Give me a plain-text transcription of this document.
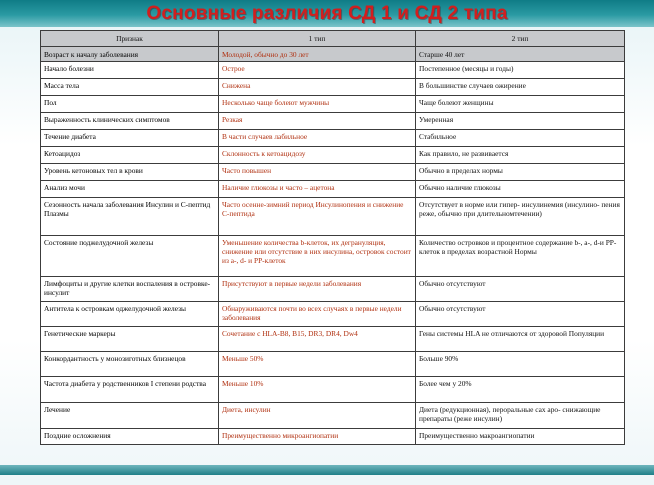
Основные различия СД 1 и СД 2 типа
Признак	1 тип	2 тип
Возраст к началу заболевания	Молодой, обычно до 30 лет	Старше 40 лет
Начало болезни	Острое	Постепенное (месяцы и годы)
Масса тела	Снижена	В большинстве случаев ожирение
Пол	Несколько чаще болеют мужчины	Чаще болеют женщины
Выраженность клинических симптомов	Резкая	Умеренная
Течение диабета	В части случаев лабильное	Стабильное
Кетоацидоз	Склонность к кетоацидозу	Как правило, не развивается
Уровень кетоновых тел в крови	Часто повышен	Обычно в пределах нормы
Анализ мочи	Наличие глюкозы и часто – ацетона	Обычно наличие глюкозы
Сезонность начала заболевания Инсулин и С-пептид Плазмы	Часто осенне-зимний период Инсулинопения и снижение С-пептида	Отсутствует в норме или гипер- инсулинемия (инсулино- пения реже, обычно при длительномтечении)
Состояние поджелудочной железы	Уменьшение количества b-клеток, их дегрануляция, снижение или отсутствие в них инсулина, островок состоит из а-, d- и PP-клеток	Количество островков и процентное содержание b-, а-, d-и PP-клеток в пределах возрастной Нормы
Лимфоциты и другие клетки воспаления в островке-инсулит	Присутствуют в первые недели заболевания	Обычно отсутствуют
Антитела к островкам оджелудочной железы	Обнаруживаются почти во всех случаях в первые недели заболевания	Обычно отсутствуют
Генетические маркеры	Сочетание с HLA-B8, B15, DR3, DR4, Dw4	Гены системы HLA не отличаются от здоровой Популяции
Конкордантность у монозиготных близнецов	Меньше 50%	Больше 90%
Частота диабета у родственников I степени родства	Меньше 10%	Более чем у 20%
Лечение	Диета, инсулин	Диета (редукционная), пероральные сах аро- снижающие препараты (реже инсулин)
Поздние осложнения	Преимущественно микроангиопатии	Преимущественно макроангиопатии
